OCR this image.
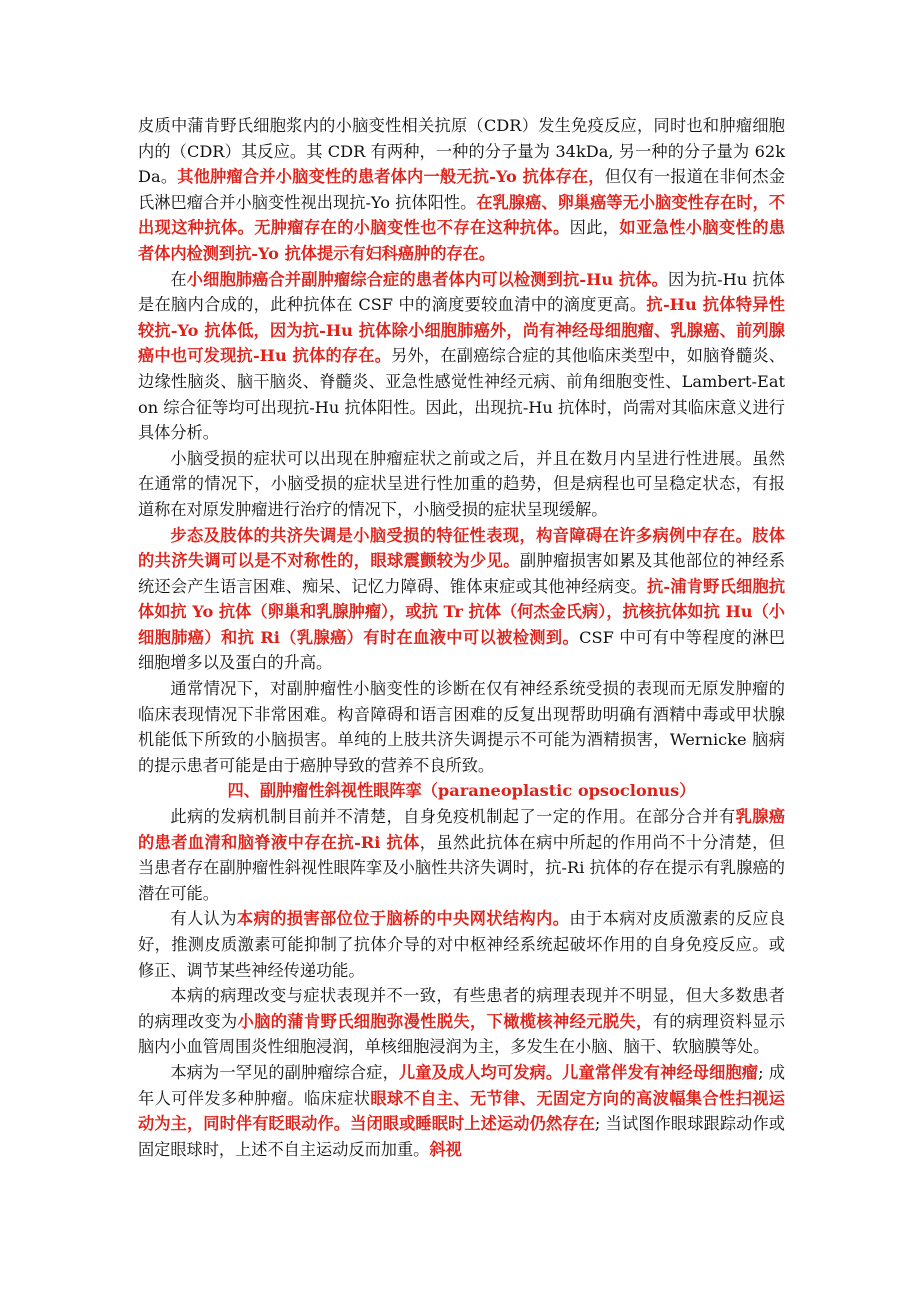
皮质中蒲肯野氏细胞浆内的小脑变性相关抗原（CDR）发生免疫反应，同时也和肿瘤细胞内的（CDR）其反应。其 CDR 有两种，一种的分子量为 34kDa, 另一种的分子量为 62kDa。其他肿瘤合并小脑变性的患者体内一般无抗-Yo 抗体存在，但仅有一报道在非何杰金氏淋巴瘤合并小脑变性视出现抗-Yo 抗体阳性。在乳腺癌、卵巢癌等无小脑变性存在时，不出现这种抗体。无肿瘤存在的小脑变性也不存在这种抗体。因此，如亚急性小脑变性的患者体内检测到抗-Yo 抗体提示有妇科癌肿的存在。

在小细胞肺癌合并副肿瘤综合症的患者体内可以检测到抗-Hu 抗体。因为抗-Hu 抗体是在脑内合成的，此种抗体在 CSF 中的滴度要较血清中的滴度更高。抗-Hu 抗体特异性较抗-Yo 抗体低，因为抗-Hu 抗体除小细胞肺癌外，尚有神经母细胞瘤、乳腺癌、前列腺癌中也可发现抗-Hu 抗体的存在。另外，在副癌综合症的其他临床类型中，如脑脊髓炎、边缘性脑炎、脑干脑炎、脊髓炎、亚急性感觉性神经元病、前角细胞变性、Lambert-Eaton 综合征等均可出现抗-Hu 抗体阳性。因此，出现抗-Hu 抗体时，尚需对其临床意义进行具体分析。

小脑受损的症状可以出现在肿瘤症状之前或之后，并且在数月内呈进行性进展。虽然在通常的情况下，小脑受损的症状呈进行性加重的趋势，但是病程也可呈稳定状态，有报道称在对原发肿瘤进行治疗的情况下，小脑受损的症状呈现缓解。

步态及肢体的共济失调是小脑受损的特征性表现，构音障碍在许多病例中存在。肢体的共济失调可以是不对称性的，眼球震颤较为少见。副肿瘤损害如累及其他部位的神经系统还会产生语言困难、痴呆、记忆力障碍、锥体束症或其他神经病变。抗-浦肯野氏细胞抗体如抗 Yo 抗体（卵巢和乳腺肿瘤），或抗 Tr 抗体（何杰金氏病），抗核抗体如抗 Hu（小细胞肺癌）和抗 Ri（乳腺癌）有时在血液中可以被检测到。CSF 中可有中等程度的淋巴细胞增多以及蛋白的升高。

通常情况下，对副肿瘤性小脑变性的诊断在仅有神经系统受损的表现而无原发肿瘤的临床表现情况下非常困难。构音障碍和语言困难的反复出现帮助明确有酒精中毒或甲状腺机能低下所致的小脑损害。单纯的上肢共济失调提示不可能为酒精损害，Wernicke 脑病的提示患者可能是由于癌肿导致的营养不良所致。

四、副肿瘤性斜视性眼阵挛（paraneoplastic opsoclonus）

此病的发病机制目前并不清楚，自身免疫机制起了一定的作用。在部分合并有乳腺癌的患者血清和脑脊液中存在抗-Ri 抗体，虽然此抗体在病中所起的作用尚不十分清楚，但当患者存在副肿瘤性斜视性眼阵挛及小脑性共济失调时，抗-Ri 抗体的存在提示有乳腺癌的潜在可能。

有人认为本病的损害部位位于脑桥的中央网状结构内。由于本病对皮质激素的反应良好，推测皮质激素可能抑制了抗体介导的对中枢神经系统起破坏作用的自身免疫反应。或修正、调节某些神经传递功能。

本病的病理改变与症状表现并不一致，有些患者的病理表现并不明显，但大多数患者的病理改变为小脑的蒲肯野氏细胞弥漫性脱失，下橄榄核神经元脱失，有的病理资料显示脑内小血管周围炎性细胞浸润，单核细胞浸润为主，多发生在小脑、脑干、软脑膜等处。

本病为一罕见的副肿瘤综合症，儿童及成人均可发病。儿童常伴发有神经母细胞瘤; 成年人可伴发多种肿瘤。临床症状眼球不自主、无节律、无固定方向的高波幅集合性扫视运动为主，同时伴有眨眼动作。当闭眼或睡眠时上述运动仍然存在; 当试图作眼球跟踪动作或固定眼球时，上述不自主运动反而加重。斜视
